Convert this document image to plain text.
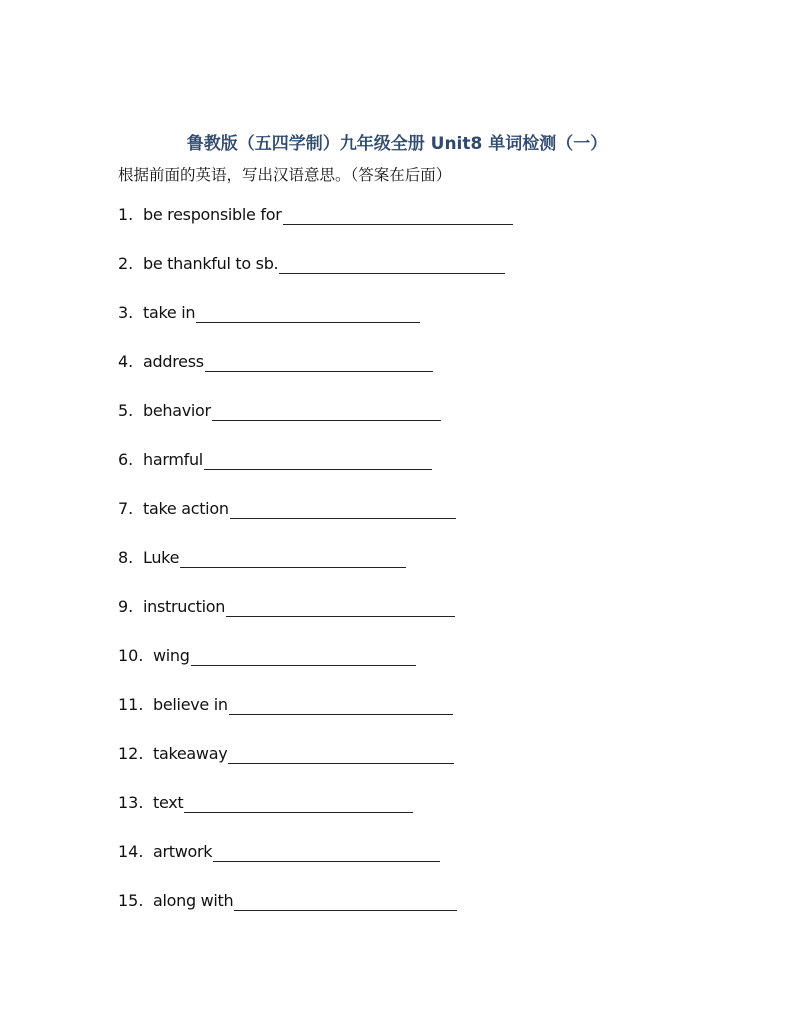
鲁教版（五四学制）九年级全册 Unit8 单词检测（一）
根据前面的英语，写出汉语意思。（答案在后面）
1. be responsible for
2. be thankful to sb.
3. take in
4. address
5. behavior
6. harmful
7. take action
8. Luke
9. instruction
10. wing
11. believe in
12. takeaway
13. text
14. artwork
15. along with
